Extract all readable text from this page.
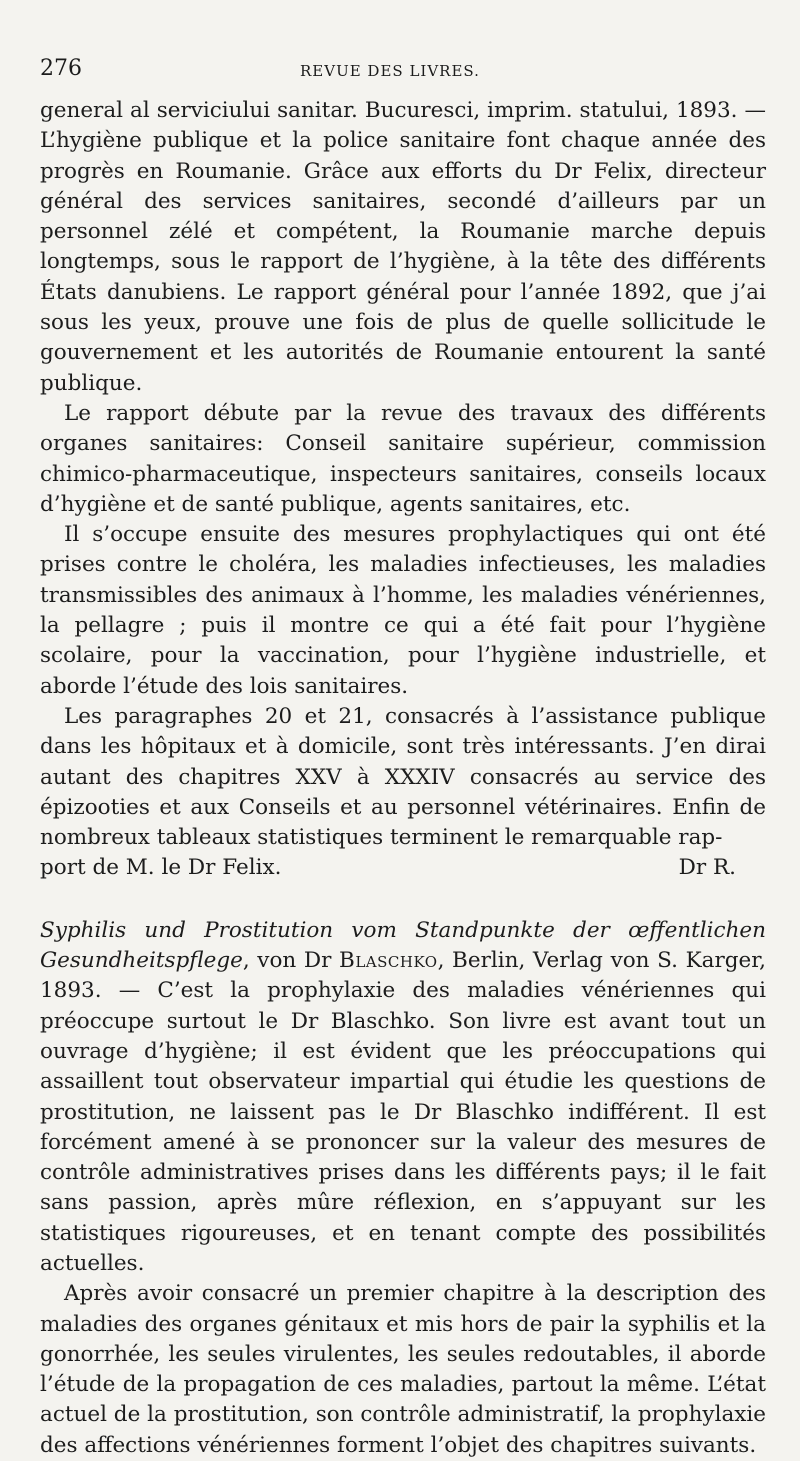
276	REVUE DES LIVRES.

general al serviciului sanitar. Bucuresci, imprim. statului, 1893. — L’hygiène publique et la police sanitaire font chaque année des progrès en Roumanie. Grâce aux efforts du Dr Felix, directeur général des services sanitaires, secondé d’ailleurs par un personnel zélé et compétent, la Roumanie marche depuis longtemps, sous le rapport de l’hygiène, à la tête des différents États danubiens. Le rapport général pour l’année 1892, que j’ai sous les yeux, prouve une fois de plus de quelle sollicitude le gouvernement et les autorités de Roumanie entourent la santé publique.

Le rapport débute par la revue des travaux des différents organes sanitaires: Conseil sanitaire supérieur, commission chimico-pharmaceutique, inspecteurs sanitaires, conseils locaux d’hygiène et de santé publique, agents sanitaires, etc.

Il s’occupe ensuite des mesures prophylactiques qui ont été prises contre le choléra, les maladies infectieuses, les maladies transmissibles des animaux à l’homme, les maladies vénériennes, la pellagre ; puis il montre ce qui a été fait pour l’hygiène scolaire, pour la vaccination, pour l’hygiène industrielle, et aborde l’étude des lois sanitaires.

Les paragraphes 20 et 21, consacrés à l’assistance publique dans les hôpitaux et à domicile, sont très intéressants. J’en dirai autant des chapitres XXV à XXXIV consacrés au service des épizooties et aux Conseils et au personnel vétérinaires. Enfin de nombreux tableaux statistiques terminent le remarquable rap-

port de M. le Dr Felix.	Dr R.

Syphilis und Prostitution vom Standpunkte der œffentlichen Gesundheitspflege, von Dr Blaschko, Berlin, Verlag von S. Karger, 1893. — C’est la prophylaxie des maladies vénériennes qui préoccupe surtout le Dr Blaschko. Son livre est avant tout un ouvrage d’hygiène; il est évident que les préoccupations qui assaillent tout observateur impartial qui étudie les questions de prostitution, ne laissent pas le Dr Blaschko indifférent. Il est forcément amené à se prononcer sur la valeur des mesures de contrôle administratives prises dans les différents pays; il le fait sans passion, après mûre réflexion, en s’appuyant sur les statistiques rigoureuses, et en tenant compte des possibilités actuelles.

Après avoir consacré un premier chapitre à la description des maladies des organes génitaux et mis hors de pair la syphilis et la gonorrhée, les seules virulentes, les seules redoutables, il aborde l’étude de la propagation de ces maladies, partout la même. L’état actuel de la prostitution, son contrôle administratif, la prophylaxie des affections vénériennes forment l’objet des chapitres suivants.
